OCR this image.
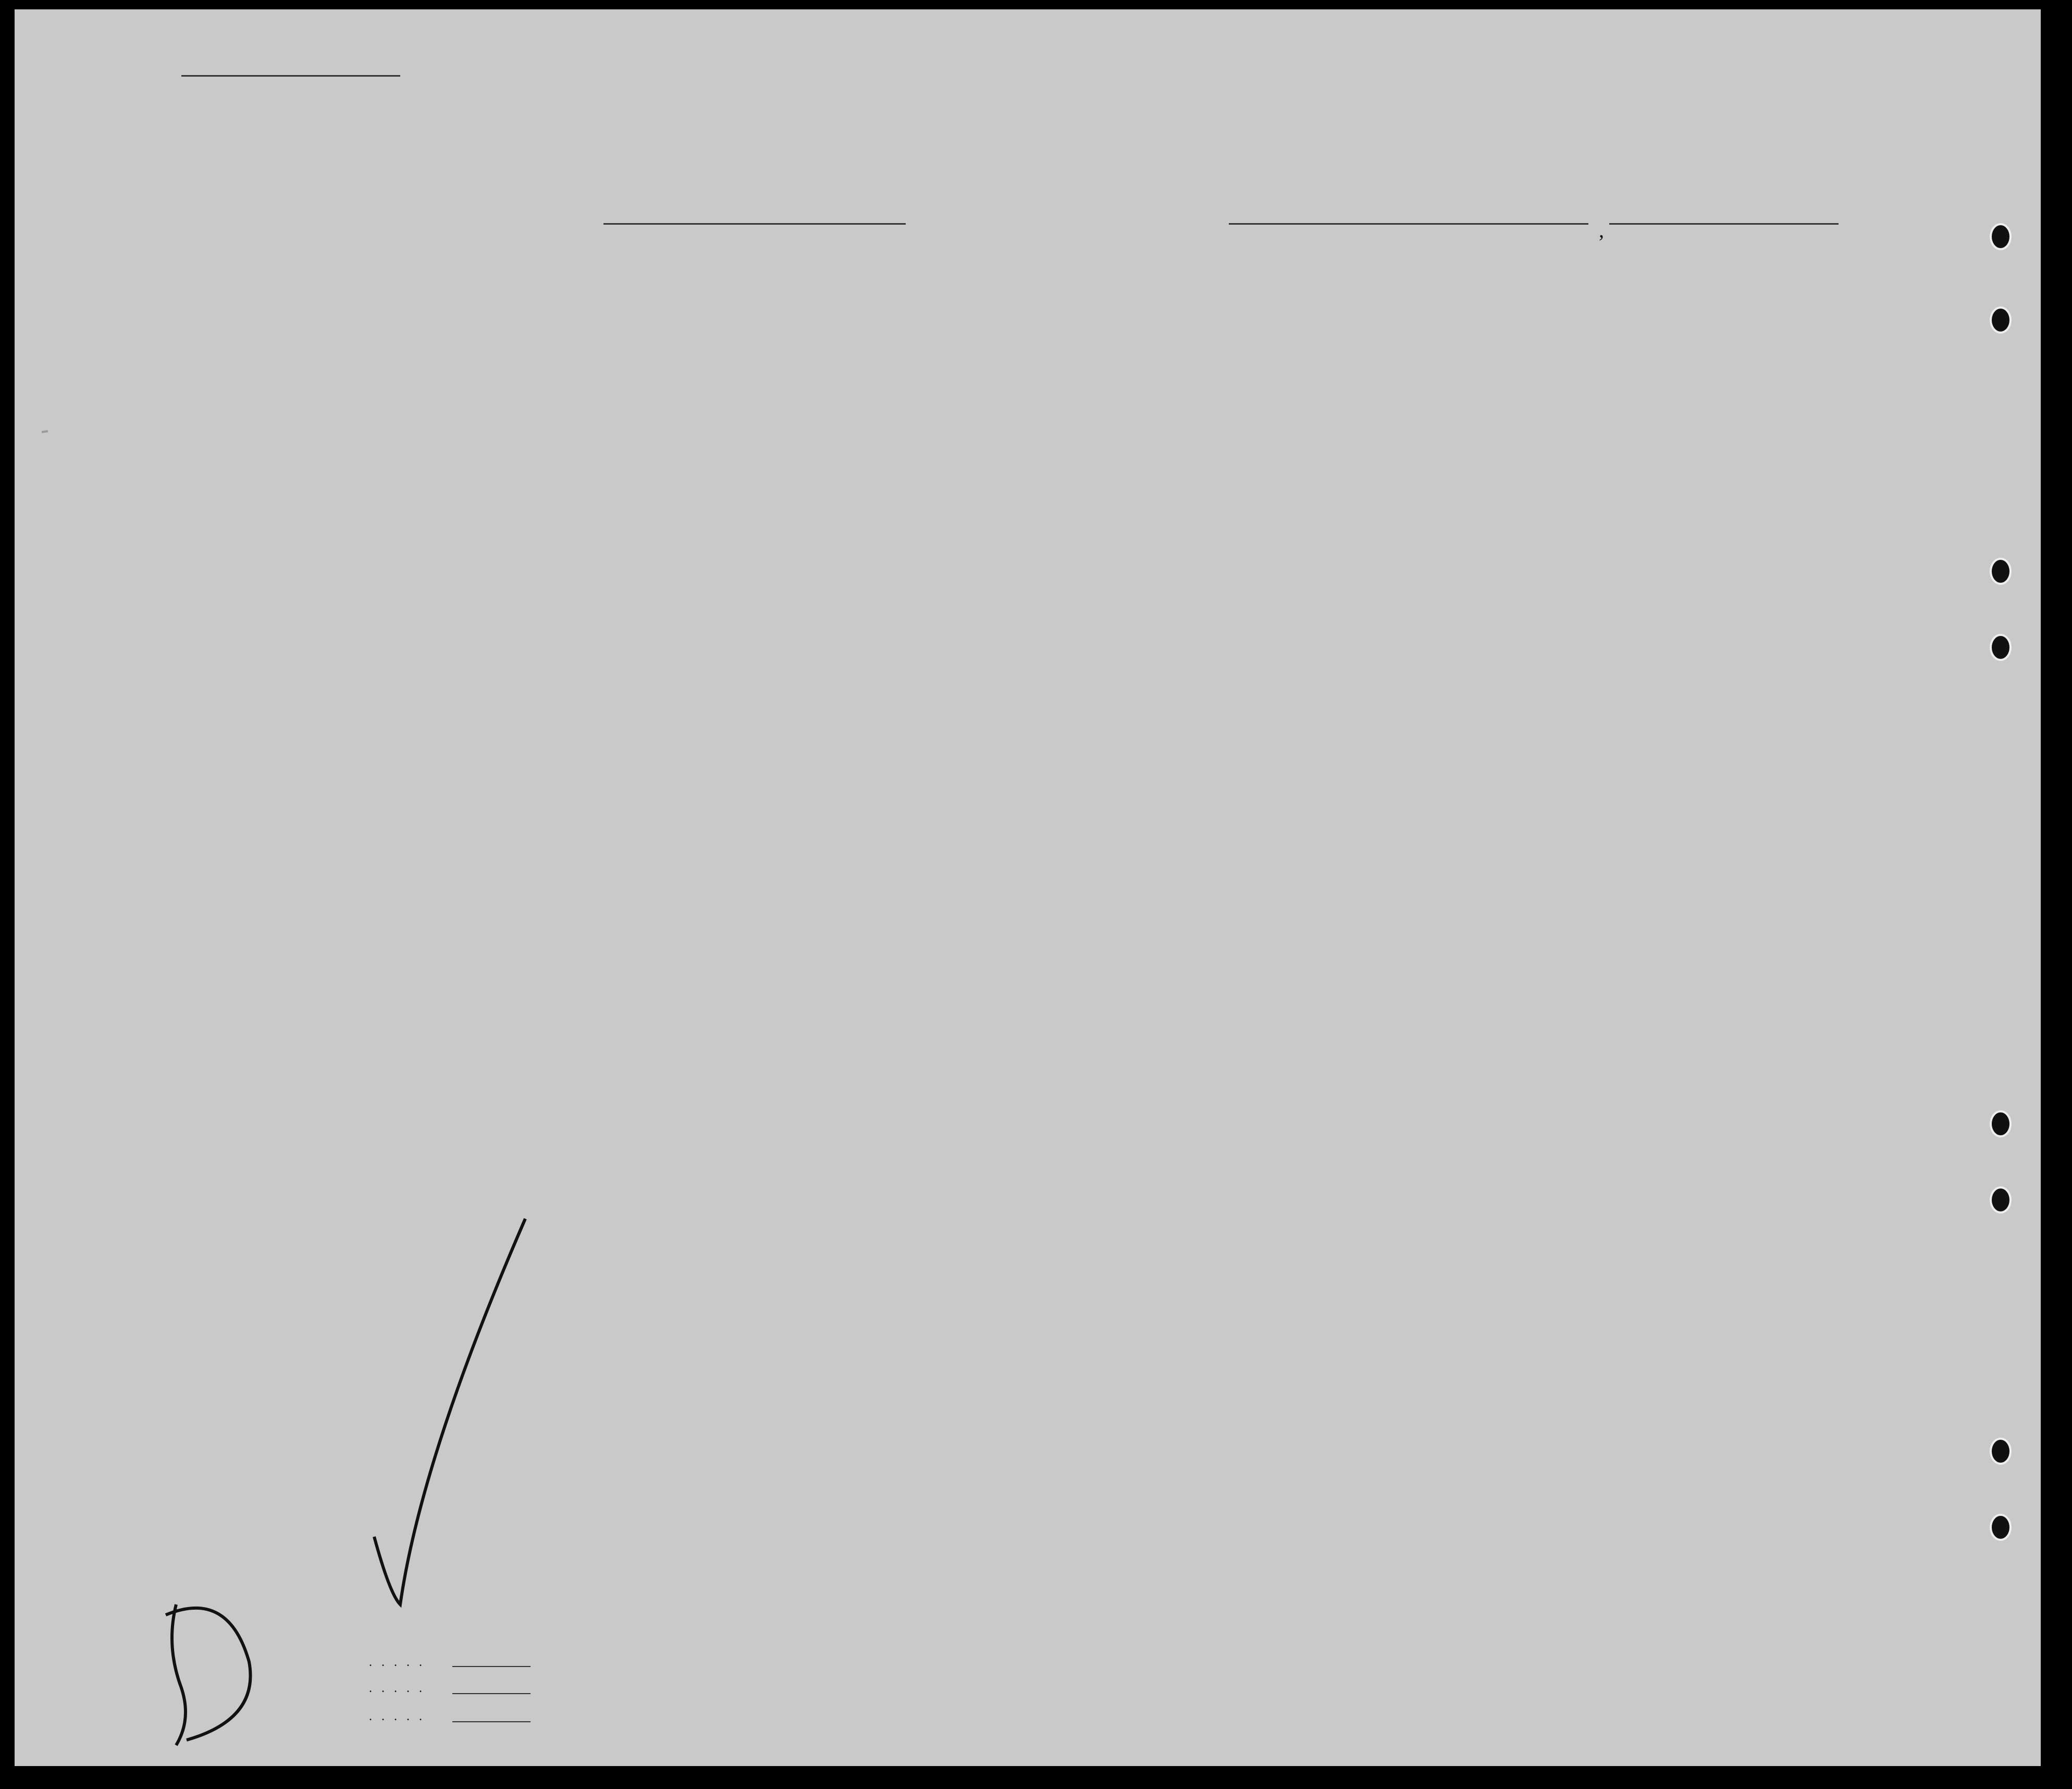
,
. . . . .
. . . . .
. . . . .
